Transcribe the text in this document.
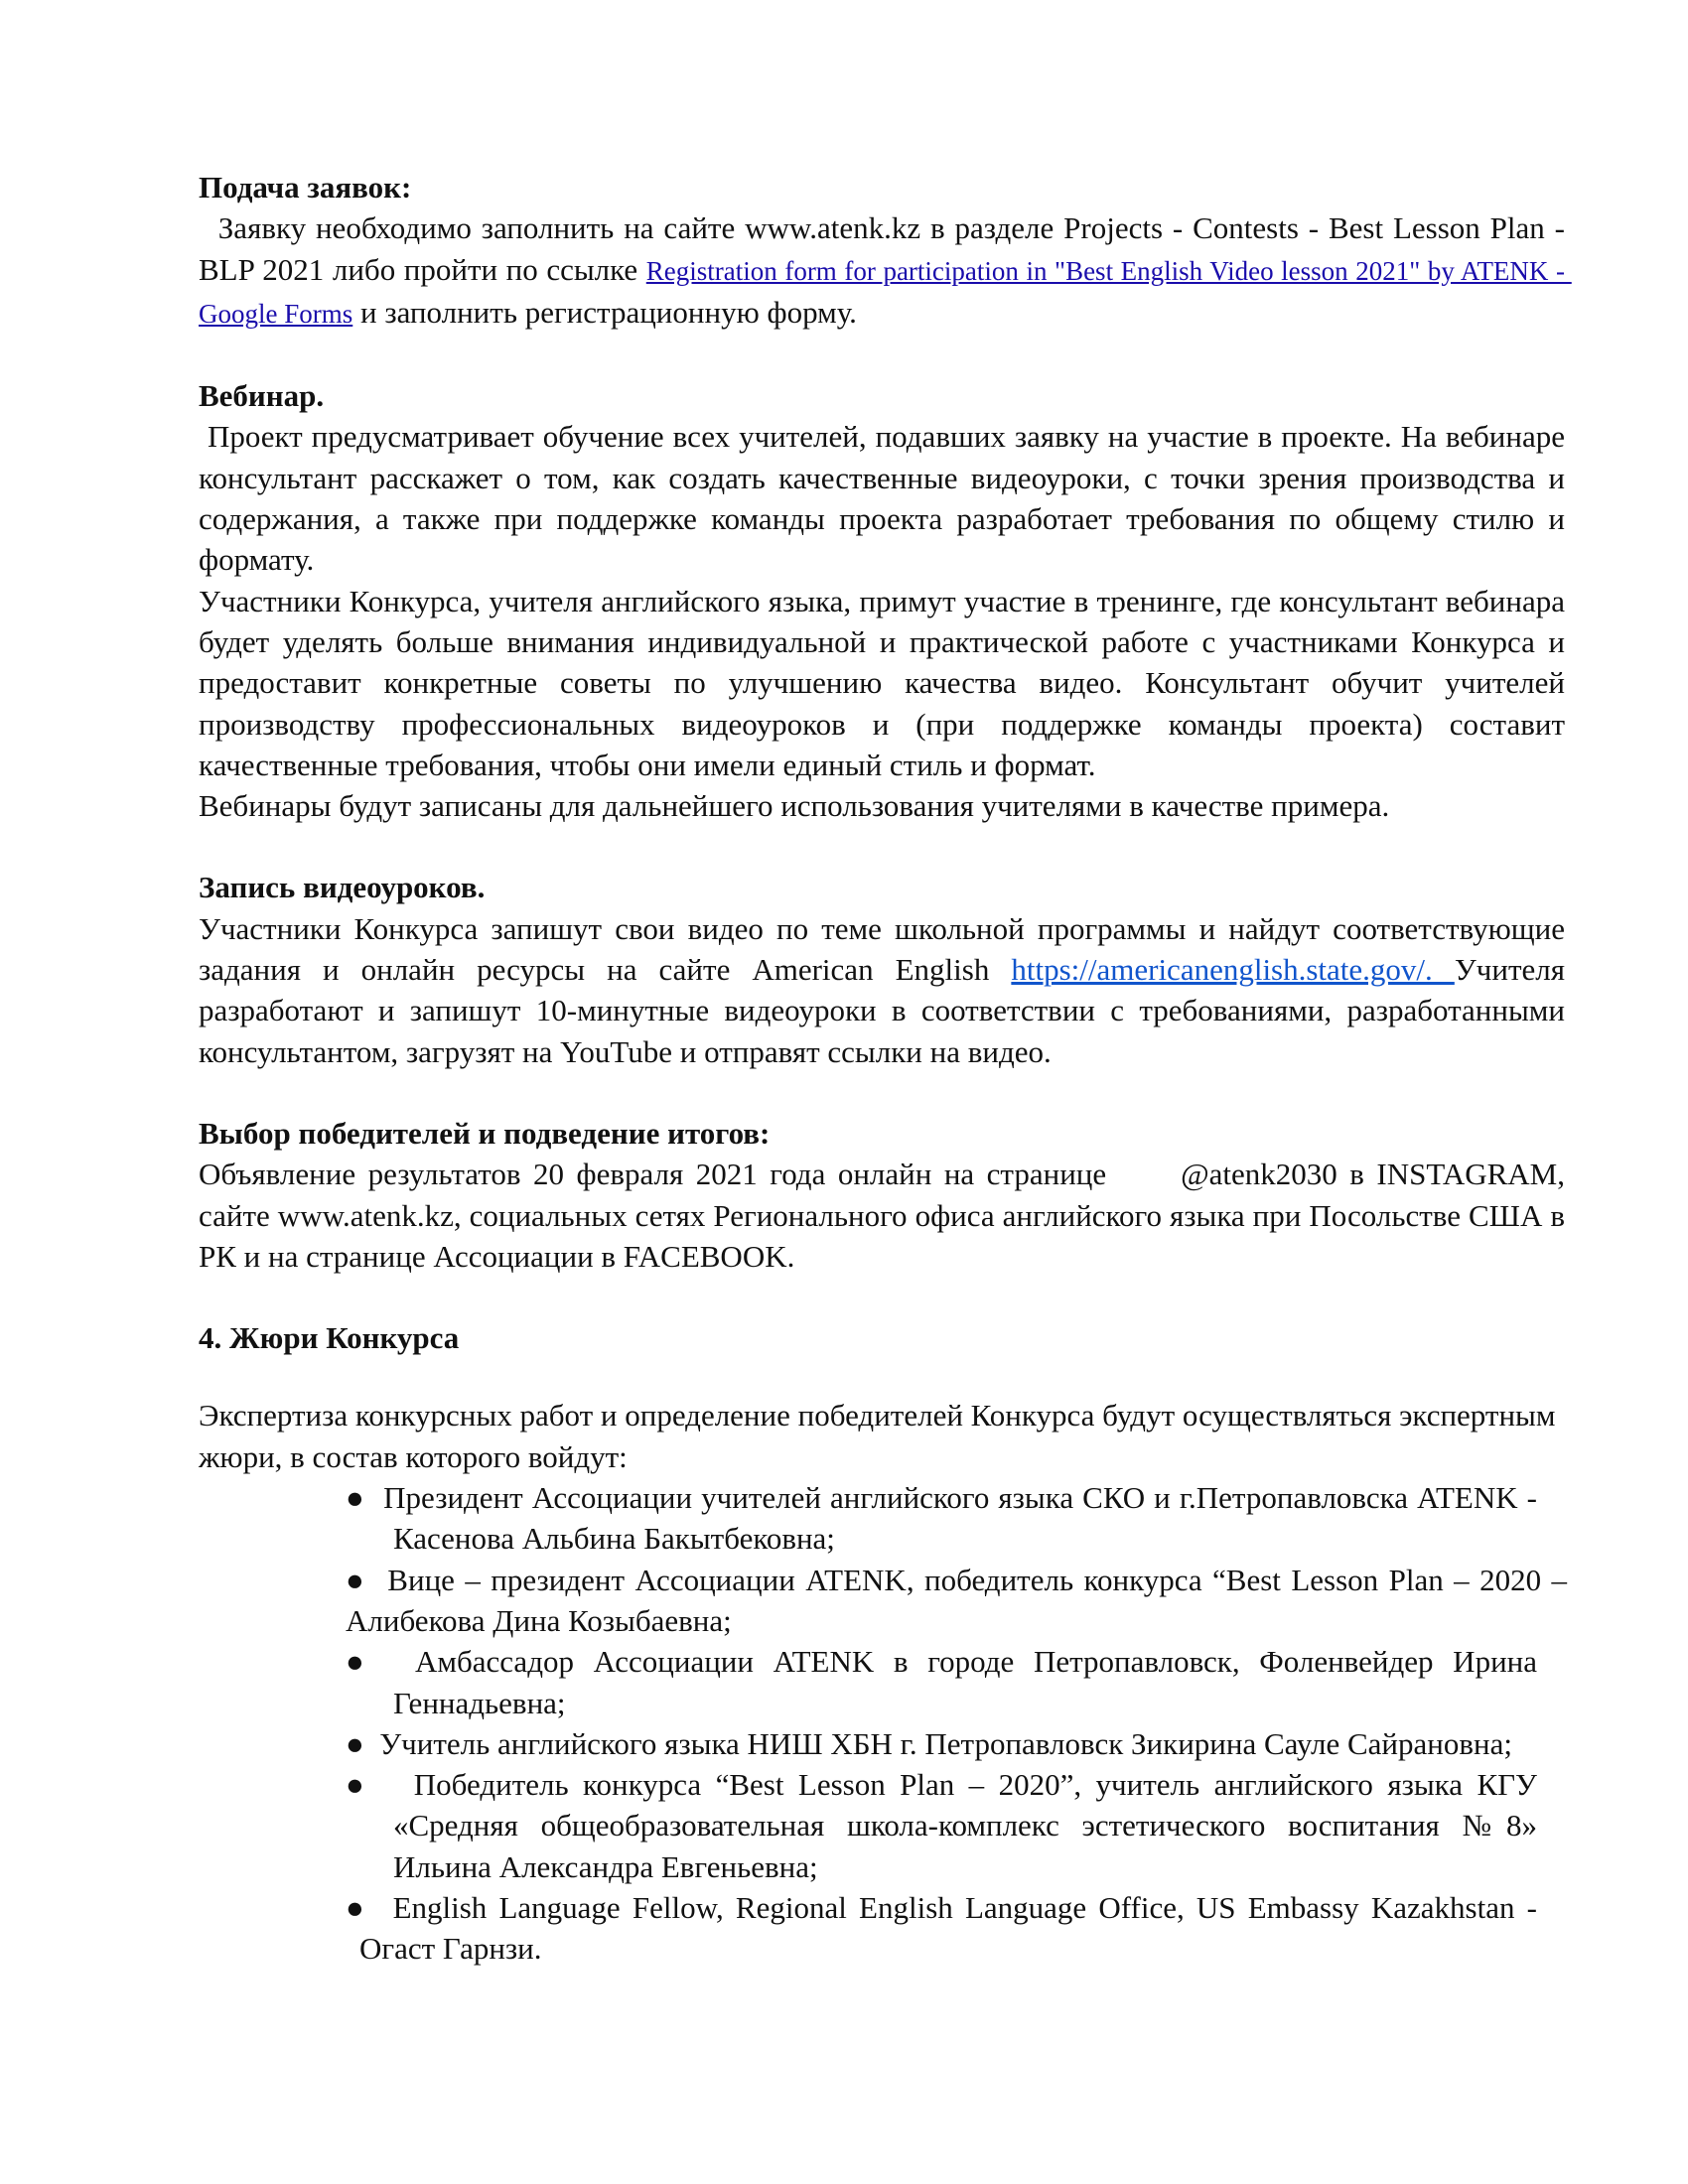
Подача заявок:

Заявку необходимо заполнить на сайте www.atenk.kz в разделе Projects - Contests - Best Lesson Plan - BLP 2021 либо пройти по ссылке Registration form for participation in "Best English Video lesson 2021" by ATENK - Google Forms и заполнить регистрационную форму.

Вебинар.

Проект предусматривает обучение всех учителей, подавших заявку на участие в проекте. На вебинаре консультант расскажет о том, как создать качественные видеоуроки, с точки зрения производства и содержания, а также при поддержке команды проекта разработает требования по общему стилю и формату.

Участники Конкурса, учителя английского языка, примут участие в тренинге, где консультант вебинара будет уделять больше внимания индивидуальной и практической работе с участниками Конкурса и предоставит конкретные советы по улучшению качества видео. Консультант обучит учителей производству профессиональных видеоуроков и (при поддержке команды проекта) составит качественные требования, чтобы они имели единый стиль и формат.

Вебинары будут записаны для дальнейшего использования учителями в качестве примера.

Запись видеоуроков.

Участники Конкурса запишут свои видео по теме школьной программы и найдут соответствующие задания и онлайн ресурсы на сайте American English https://americanenglish.state.gov/. Учителя разработают и запишут 10-минутные видеоуроки в соответствии с требованиями, разработанными консультантом, загрузят на YouTube и отправят ссылки на видео.

Выбор победителей и подведение итогов:

Объявление результатов 20 февраля 2021 года онлайн на странице      @atenk2030 в INSTAGRAM, сайте www.atenk.kz, социальных сетях Регионального офиса английского языка при Посольстве США в РК и на странице Ассоциации в FACEBOOK.

4. Жюри Конкурса

Экспертиза конкурсных работ и определение победителей Конкурса будут осуществляться экспертным жюри, в состав которого войдут:

● Президент Ассоциации учителей английского языка СКО и г.Петропавловска ATENK - Касенова Альбина Бакытбековна;
● Вице – президент Ассоциации ATENK, победитель конкурса “Best Lesson Plan – 2020 – Алибекова Дина Козыбаевна;
● Амбассадор Ассоциации ATENK в городе Петропавловск, Фоленвейдер Ирина Геннадьевна;
● Учитель английского языка НИШ ХБН г. Петропавловск Зикирина Сауле Сайрановна;
● Победитель конкурса “Best Lesson Plan – 2020”, учитель английского языка КГУ «Средняя общеобразовательная школа-комплекс эстетического воспитания №8» Ильина Александра Евгеньевна;
● English Language Fellow, Regional English Language Office, US Embassy Kazakhstan - Огаст Гарнзи.
